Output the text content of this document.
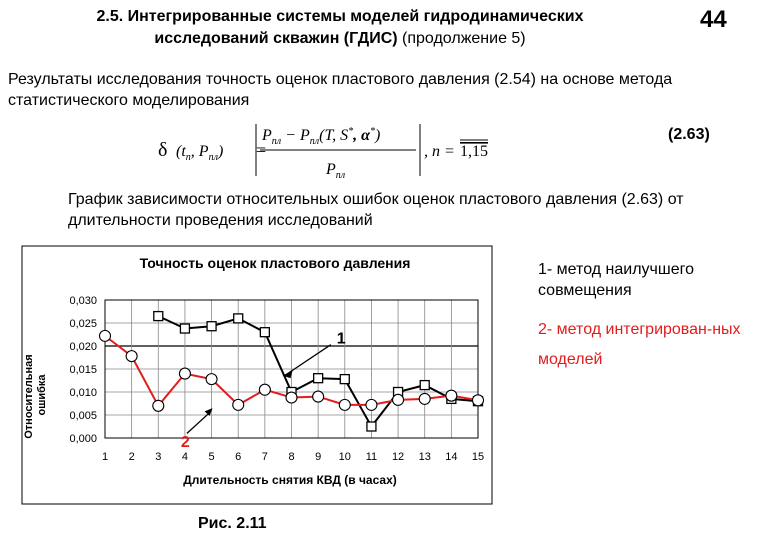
2.5. Интегрированные системы моделей гидродинамических
исследований скважин (ГДИС) (продолжение 5)
44
Результаты исследования точность оценок пластового давления (2.54) на основе метода статистического моделирования
δ ($t_n$, $P_{пл}$) =
$P_{пл} - P_{пл}(T$, S*, α*)
$P_{пл}$
, n = 1,15
(2.63)
График зависимости относительных ошибок оценок пластового давления (2.63) от длительности проведения исследований
1- метод наилучшего совмещения
2- метод интегрирован-ных моделей
Точность оценок пластового давления
Относительная ошибка
Длительность снятия КВД (в часах)
0,000
0,005
0,010
0,015
0,020
0,025
0,030
1 2 3 4 5 6 7 8 9 10 11 12 13 14 15
1
2
Рис. 2.11
